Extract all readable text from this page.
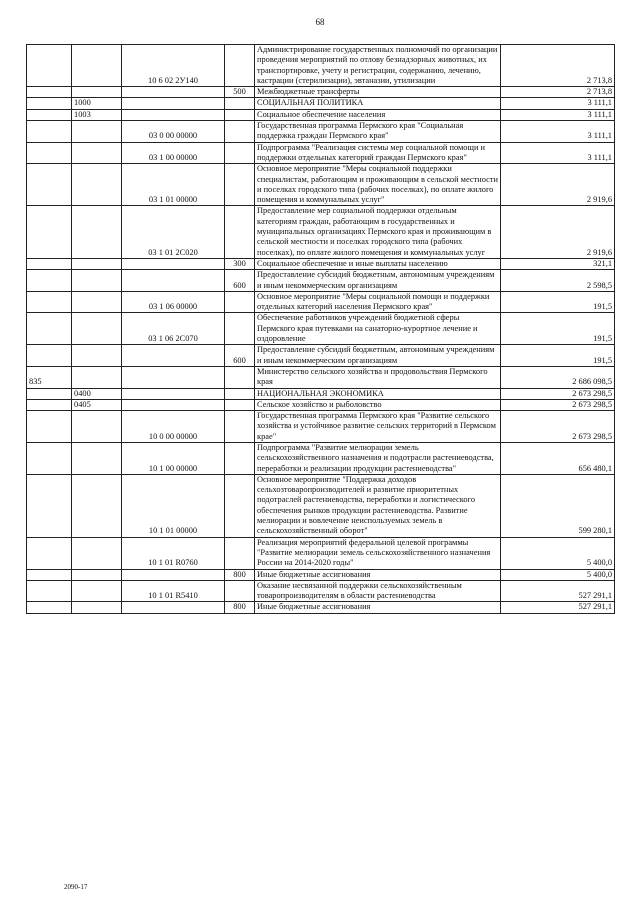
68
		10 6 02 2У140		Администрирование государственных полномочий по организации проведения мероприятий по отлову безнадзорных животных, их транспортировке, учету и регистрации, содержанию, лечению, кастрации (стерилизации), эвтаназии, утилизации	2 713,8
			500	Межбюджетные трансферты	2 713,8
	1000			СОЦИАЛЬНАЯ ПОЛИТИКА	3 111,1
	1003			Социальное обеспечение населения	3 111,1
		03 0 00 00000		Государственная программа Пермского края "Социальная поддержка граждан Пермского края"	3 111,1
		03 1 00 00000		Подпрограмма "Реализация системы мер социальной помощи и поддержки отдельных категорий граждан Пермского края"	3 111,1
		03 1 01 00000		Основное мероприятие "Меры социальной поддержки специалистам, работающим и проживающим в сельской местности и поселках городского типа (рабочих поселках), по оплате жилого помещения и коммунальных услуг"	2 919,6
		03 1 01 2С020		Предоставление мер социальной поддержки отдельным категориям граждан, работающим в государственных и муниципальных организациях Пермского края и проживающим в сельской местности и поселках городского типа (рабочих поселках), по оплате жилого помещения и коммунальных услуг	2 919,6
			300	Социальное обеспечение и иные выплаты населению	321,1
			600	Предоставление субсидий бюджетным, автономным учреждениям и иным некоммерческим организациям	2 598,5
		03 1 06 00000		Основное мероприятие "Меры социальной помощи и поддержки отдельных категорий населения Пермского края"	191,5
		03 1 06 2С070		Обеспечение работников учреждений бюджетной сферы Пермского края путевками на санаторно-курортное лечение и оздоровление	191,5
			600	Предоставление субсидий бюджетным, автономным учреждениям и иным некоммерческим организациям	191,5
835				Министерство сельского хозяйства и продовольствия Пермского края	2 686 098,5
	0400			НАЦИОНАЛЬНАЯ ЭКОНОМИКА	2 673 298,5
	0405			Сельское хозяйство и рыболовство	2 673 298,5
		10 0 00 00000		Государственная программа Пермского края "Развитие сельского хозяйства и устойчивое развитие сельских территорий в Пермском крае"	2 673 298,5
		10 1 00 00000		Подпрограмма "Развитие мелиорации земель сельскохозяйственного назначения и подотрасли растениеводства, переработки и реализации продукции растениеводства"	656 480,1
		10 1 01 00000		Основное мероприятие "Поддержка доходов сельхозтоваропроизводителей и развитие приоритетных подотраслей растениеводства, переработки и логистического обеспечения рынков продукции растениеводства. Развитие мелиорации и вовлечение неиспользуемых земель в сельскохозяйственный оборот"	599 280,1
		10 1 01 R0760		Реализация мероприятий федеральной целевой программы "Развитие мелиорации земель сельскохозяйственного назначения России на 2014-2020 годы"	5 400,0
			800	Иные бюджетные ассигнования	5 400,0
		10 1 01 R5410		Оказание несвязанной поддержки сельскохозяйственным товаропроизводителям в области растениеводства	527 291,1
			800	Иные бюджетные ассигнования	527 291,1
2090-17
